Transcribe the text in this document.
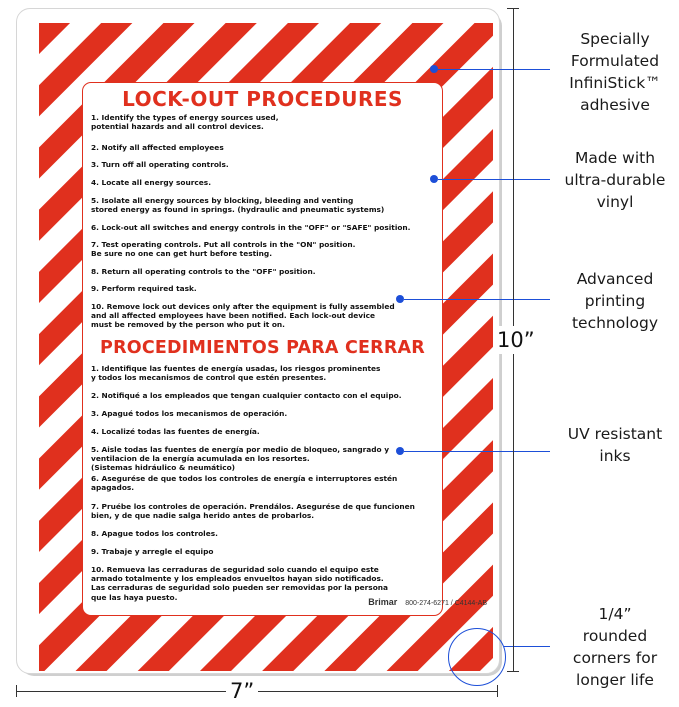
LOCK-OUT PROCEDURES
1. Identify the types of energy sources used,
potential hazards and all control devices.
2. Notify all affected employees
3. Turn off all operating controls.
4. Locate all energy sources.
5. Isolate all energy sources by blocking, bleeding and venting
stored energy as found in springs. (hydraulic and pneumatic systems)
6. Lock-out all switches and energy controls in the "OFF" or "SAFE" position.
7. Test operating controls. Put all controls in the "ON" position.
Be sure no one can get hurt before testing.
8. Return all operating controls to the "OFF" position.
9. Perform required task.
10. Remove lock out devices only after the equipment is fully assembled
and all affected employees have been notified. Each lock-out device
must be removed by the person who put it on.
PROCEDIMIENTOS PARA CERRAR
1. Identifique las fuentes de energía usadas, los riesgos prominentes
y todos los mecanismos de control que estén presentes.
2. Notifiqué a los empleados que tengan cualquier contacto con el equipo.
3. Apagué todos los mecanismos de operación.
4. Localizé todas las fuentes de energía.
5. Aisle todas las fuentes de energía por medio de bloqueo, sangrado y
ventilacion de la energía acumulada en los resortes.
(Sistemas hidráulico & neumático)
6. Asegurése de que todos los controles de energía e interruptores estén
apagados.
7. Pruébe los controles de operación. Prendálos. Asegurése de que funcionen
bien, y de que nadie salga herido antes de probarlos.
8. Apague todos los controles.
9. Trabaje y arregle el equipo
10. Remueva las cerraduras de seguridad solo cuando el equipo este
armado totalmente y los empleados envueltos hayan sido notificados.
Las cerraduras de seguridad solo pueden ser removidas por la persona
que las haya puesto.	Brimar 800-274-6271 / C4144-AB
Specially
Formulated
InfiniStick™
adhesive
Made with
ultra-durable
vinyl
Advanced
printing
technology
UV resistant
inks
1/4”
rounded
corners for
longer life
10”
7”
